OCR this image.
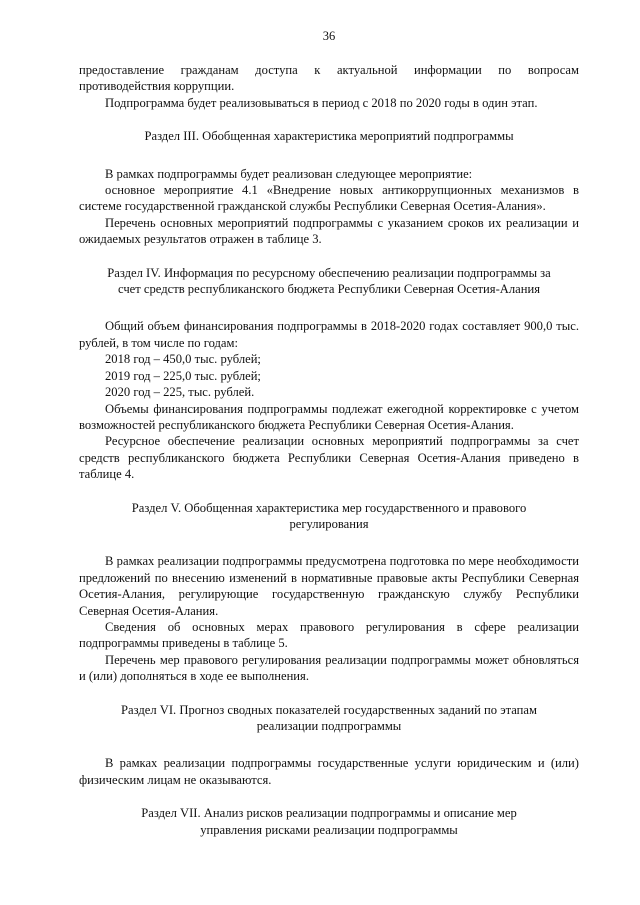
36

предоставление гражданам доступа к актуальной информации по вопросам противодействия коррупции.

Подпрограмма будет реализовываться в период с 2018 по 2020 годы в один этап.

Раздел III. Обобщенная характеристика мероприятий подпрограммы

В рамках подпрограммы будет реализован следующее мероприятие:

основное мероприятие 4.1 «Внедрение новых антикоррупционных механизмов в системе государственной гражданской службы Республики Северная Осетия-Алания».

Перечень основных мероприятий подпрограммы с указанием сроков их реализации и ожидаемых результатов отражен в таблице 3.

Раздел IV. Информация по ресурсному обеспечению реализации подпрограммы за
счет средств республиканского бюджета Республики Северная Осетия-Алания

Общий объем финансирования подпрограммы в 2018-2020 годах составляет 900,0 тыс. рублей, в том числе по годам:

2018 год – 450,0 тыс. рублей;

2019 год – 225,0 тыс. рублей;

2020 год – 225, тыс. рублей.

Объемы финансирования подпрограммы подлежат ежегодной корректировке с учетом возможностей республиканского бюджета Республики Северная Осетия-Алания.

Ресурсное обеспечение реализации основных мероприятий подпрограммы за счет средств республиканского бюджета Республики Северная Осетия-Алания приведено в таблице 4.

Раздел V. Обобщенная характеристика мер государственного и правового
регулирования

В рамках реализации подпрограммы предусмотрена подготовка по мере необходимости предложений по внесению изменений в нормативные правовые акты Республики Северная Осетия-Алания, регулирующие государственную гражданскую службу Республики Северная Осетия-Алания.

Сведения об основных мерах правового регулирования в сфере реализации подпрограммы приведены в таблице 5.

Перечень мер правового регулирования реализации подпрограммы может обновляться и (или) дополняться в ходе ее выполнения.

Раздел VI. Прогноз сводных показателей государственных заданий по этапам
реализации подпрограммы

В рамках реализации подпрограммы государственные услуги юридическим и (или) физическим лицам не оказываются.

Раздел VII. Анализ рисков реализации подпрограммы и описание мер
управления рисками реализации подпрограммы
